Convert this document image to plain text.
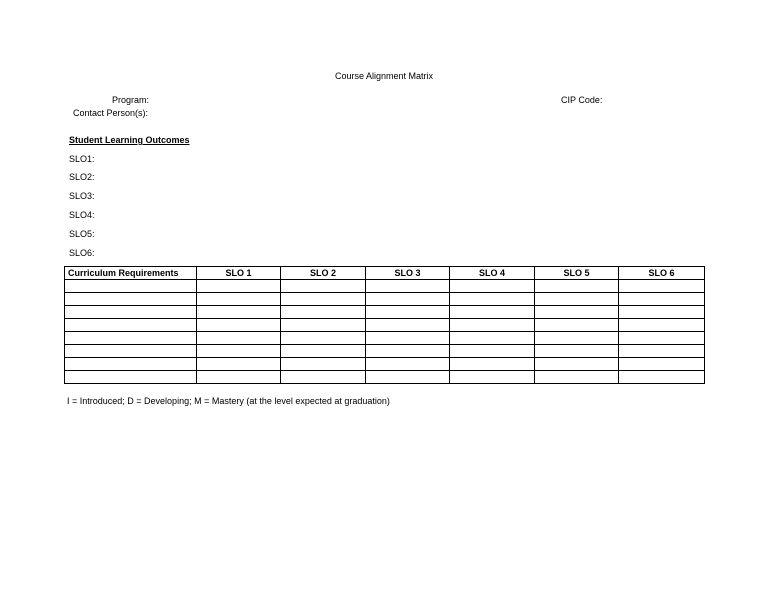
Course Alignment Matrix
Program:
Contact Person(s):
CIP Code:
Student Learning Outcomes
SLO1:
SLO2:
SLO3:
SLO4:
SLO5:
SLO6:
Curriculum Requirements	SLO 1	SLO 2	SLO 3	SLO 4	SLO 5	SLO 6

I = Introduced; D = Developing; M = Mastery (at the level expected at graduation)
